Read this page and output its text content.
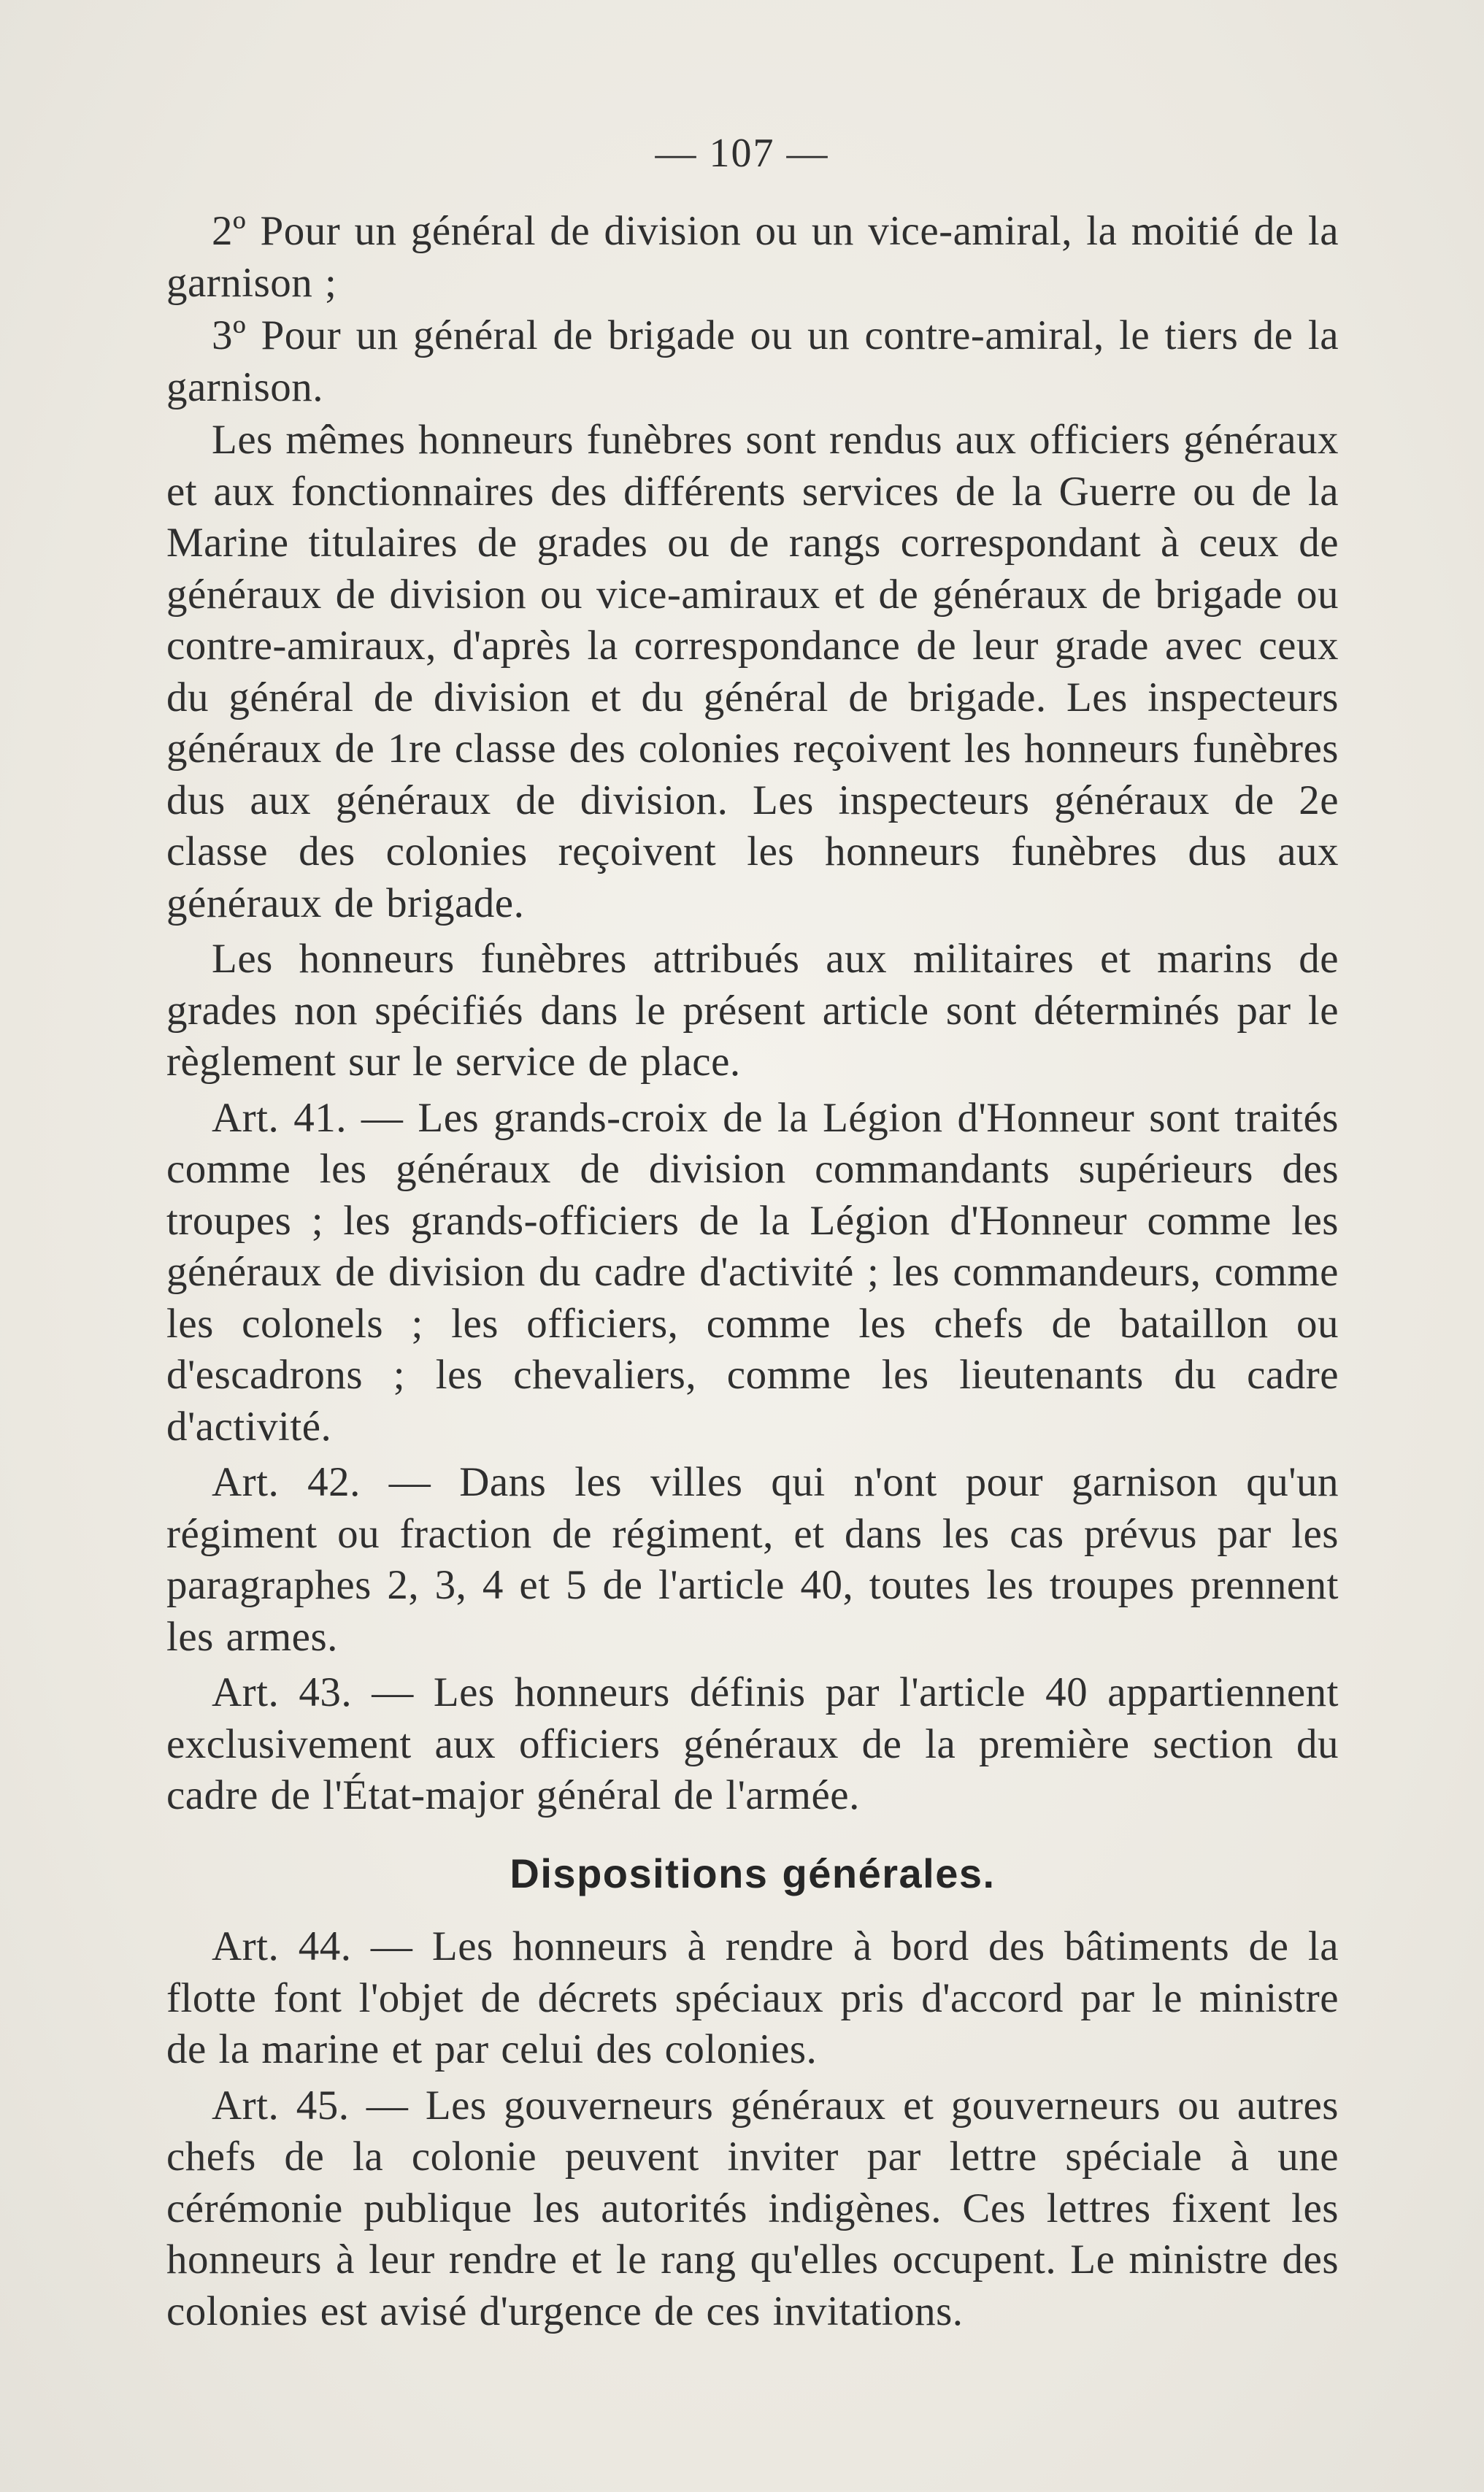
— 107 —

2º Pour un général de division ou un vice-amiral, la moitié de la garnison ;

3º Pour un général de brigade ou un contre-amiral, le tiers de la garnison.

Les mêmes honneurs funèbres sont rendus aux officiers généraux et aux fonctionnaires des différents services de la Guerre ou de la Marine titulaires de grades ou de rangs correspondant à ceux de généraux de division ou vice-amiraux et de généraux de brigade ou contre-amiraux, d'après la correspondance de leur grade avec ceux du général de division et du général de brigade. Les inspecteurs généraux de 1re classe des colonies reçoivent les honneurs funèbres dus aux généraux de division. Les inspecteurs généraux de 2e classe des colonies reçoivent les honneurs funèbres dus aux généraux de brigade.

Les honneurs funèbres attribués aux militaires et marins de grades non spécifiés dans le présent article sont déterminés par le règlement sur le service de place.

Art. 41. — Les grands-croix de la Légion d'Honneur sont traités comme les généraux de division commandants supérieurs des troupes ; les grands-officiers de la Légion d'Honneur comme les généraux de division du cadre d'activité ; les commandeurs, comme les colonels ; les officiers, comme les chefs de bataillon ou d'escadrons ; les chevaliers, comme les lieutenants du cadre d'activité.

Art. 42. — Dans les villes qui n'ont pour garnison qu'un régiment ou fraction de régiment, et dans les cas prévus par les paragraphes 2, 3, 4 et 5 de l'article 40, toutes les troupes prennent les armes.

Art. 43. — Les honneurs définis par l'article 40 appartiennent exclusivement aux officiers généraux de la première section du cadre de l'État-major général de l'armée.

Dispositions générales.

Art. 44. — Les honneurs à rendre à bord des bâtiments de la flotte font l'objet de décrets spéciaux pris d'accord par le ministre de la marine et par celui des colonies.

Art. 45. — Les gouverneurs généraux et gouverneurs ou autres chefs de la colonie peuvent inviter par lettre spéciale à une cérémonie publique les autorités indigènes. Ces lettres fixent les honneurs à leur rendre et le rang qu'elles occupent. Le ministre des colonies est avisé d'urgence de ces invitations.
